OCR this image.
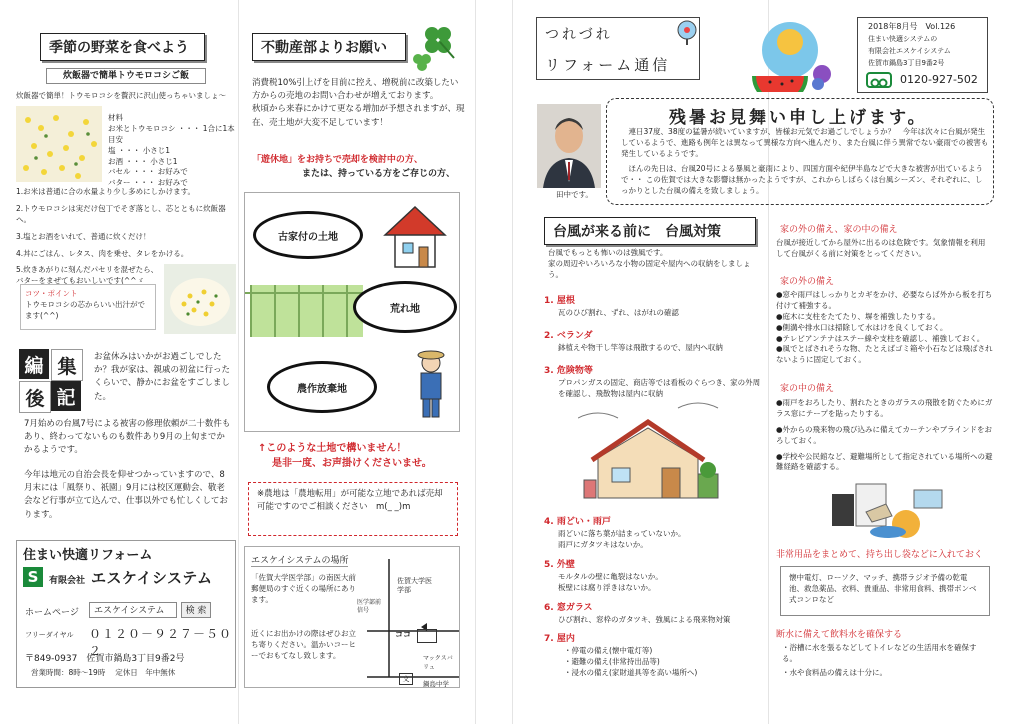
季節の野菜を食べよう
炊飯器で簡単トウモロコシご飯
炊飯器で簡単！トウモロコシを贅沢に沢山使っちゃいましょ～

材料

お米とトウモロコシ ・・・ 1合に1本目安

塩 ・・・ 小さじ1

お酒 ・・・ 小さじ1

バセル ・・・ お好みで

バター ・・・ お好みで

1.お米は普通に合の水量より少し多めにしかけます。

2.トウモロコシは実だけ包丁でそぎ落とし、芯とともに炊飯器へ。

3.塩とお酒をいれて、普通に炊くだけ！

4.丼にごはん、レタス、肉を乗せ、タレをかける。

5.炊きあがりに刻んだパセリを混ぜたら、バターをまぜてもおいしいです(^^ゞ

コツ・ポイント

トウモロコシの芯からいい出汁がでます(^^)

編 集
後 記
お盆休みはいかがお過ごしでしたか？我が家は、親戚の初盆に行ったくらいで、静かにお盆をすごしました。
7月始めの台風7号による被害の修理依頼が二十数件もあり、終わってないものも数件あり9月の上旬までかかるようです。
今年は地元の自治会長を仰せつかっていますので、8月末には「風祭り、祇園」9月には校区運動会、敬老会など行事が立て込んで、仕事以外でも忙しくしております。
住まい快適リフォーム
S	有限会社 エスケイシステム
ホームページ	エスケイシステム	検 索
フリーダイヤル ０１２０－９２７－５０２
〒849-0937　佐賀市鍋島3丁目9番2号
営業時間：8時～19時　 定休日　年中無休
不動産部よりお願い
消費税10%引上げを目前に控え、増税前に改築したい方からの売地のお問い合わせが増えております。
秋頃から来春にかけて更なる増加が予想されますが、現在、売土地が大変不足しています！

「遊休地」をお持ちで売却を検討中の方、

または、持っている方をご存じの方、

古家付の土地
荒れ地
農作放棄地

↑このような土地で構いません！

是非一度、お声掛けくださいませ。

※農地は「農地転用」が可能な立地であれば売却可能ですのでご相談ください　m(_ _)m
エスケイシステムの場所
「佐賀大学医学部」の南医大前郵便局のすぐ近くの場所にあります。
近くにお出かけの際はぜひお立ち寄りください。温かいコーヒーでおもてなし致します。
佐賀大学医学部
医学部前信号
ココ
マックスバリュ
鍋島中学
文
つれづれ
リフォーム通信
2018年8月号　Vol.126
住まい快適システムの
有限会社エスケイシステム
佐賀市鍋島3丁目9番2号
0120-927-502
田中です。
残暑お見舞い申し上げます。
連日37度、38度の猛暑が続いていますが、皆様お元気でお過ごしでしょうか？　今年は次々に台風が発生しているようで、進路も例年とは異なって異様な方向へ進んだり、また台風に伴う異常でない豪雨での被害も発生しているようです。
ほんの先日は、台風20号による暴風と豪雨により、四国方面や紀伊半島などで大きな被害が出ているようで・・ この佐賀では大きな影響は無かったようですが、これからしばらくは台風シーズン、それぞれに、しっかりとした台風の備えを致しましょう。
台風が来る前に　台風対策
台風でもっとも怖いのは強風です。
家の周辺やいろいろな小物の固定や屋内への収納をしましょう。

1. 屋根

瓦のひび割れ、ずれ、はがれの確認

2. ベランダ

鉢植えや物干し竿等は飛散するので、屋内へ収納

3. 危険物等

プロパンガスの固定、商店等では看板のぐらつき、家の外周を確認し、飛散物は屋内に収納

4. 雨どい・雨戸

雨どいに落ち葉が詰まっていないか。
雨戸にガタツキはないか。

5. 外壁

モルタルの壁に亀裂はないか。
板壁には腐り浮きはないか。

6. 窓ガラス

ひび割れ、窓枠のガタツキ、強風による飛来物対策

7. 屋内

・停電の備え(懐中電灯等)
・避難の備え(非常持出品等)
・浸水の備え(家財道具等を高い場所へ)

家の外の備え、家の中の備え
台風が接近してから屋外に出るのは危険です。気象情報を利用して台風がくる前に対策をとってください。
家の外の備え

●窓や雨戸はしっかりとカギをかけ、必要ならば外から板を打ち付けて補強する。

●庭木に支柱をたてたり、塀を補強したりする。

●側溝や排水口は掃除して水はけを良くしておく。

●テレビアンテナはステー線や支柱を確認し、補強しておく。

●風でとばされそうな物、たとえばゴミ箱や小石などは飛ばされないように固定しておく。

家の中の備え

●雨戸をおろしたり、割れたときのガラスの飛散を防ぐためにガラス窓にテープを貼ったりする。

●外からの飛来物の飛び込みに備えてカーテンやブラインドをおろしておく。

●学校や公民館など、避難場所として指定されている場所への避難経路を確認する。

非常用品をまとめて、持ち出し袋などに入れておく
懐中電灯、ローソク、マッチ、携帯ラジオ予備の乾電池、救急薬品、衣料、貴重品、非常用食料、携帯ボンベ式コンロなど
断水に備えて飲料水を確保する

・浴槽に水を張るなどしてトイレなどの生活用水を確保する。

・水や食料品の備えは十分に。
